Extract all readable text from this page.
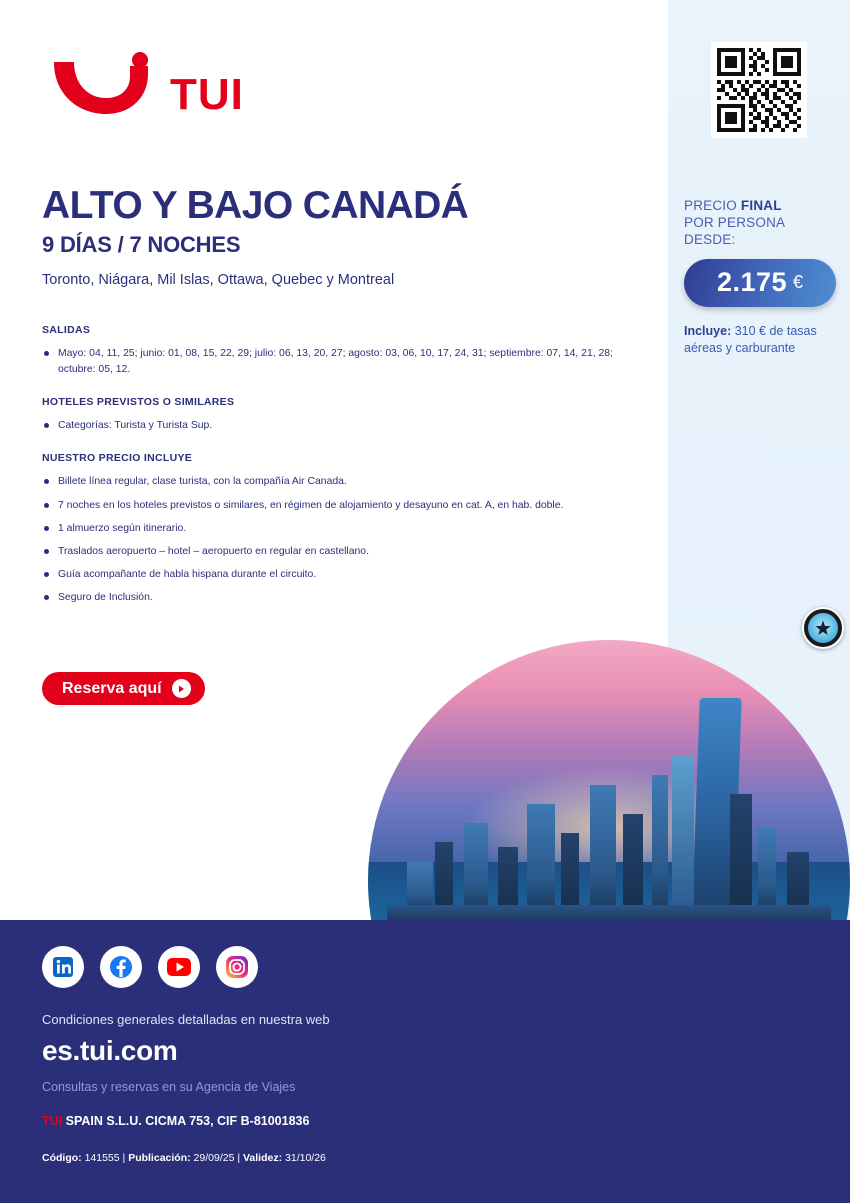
PRECIO FINAL
POR PERSONA DESDE:
2.175 €
Incluye: 310 € de tasas aéreas y carburante
TUI
ALTO Y BAJO CANADÁ
9 DÍAS / 7 NOCHES
Toronto, Niágara, Mil Islas, Ottawa, Quebec y Montreal
SALIDAS
Mayo: 04, 11, 25; junio: 01, 08, 15, 22, 29; julio: 06, 13, 20, 27; agosto: 03, 06, 10, 17, 24, 31; septiembre: 07, 14, 21, 28; octubre: 05, 12.
HOTELES PREVISTOS O SIMILARES
Categorías: Turista y Turista Sup.
NUESTRO PRECIO INCLUYE
Billete línea regular, clase turista, con la compañía Air Canada.
7 noches en los hoteles previstos o similares, en régimen de alojamiento y desayuno en cat. A, en hab. doble.
1 almuerzo según itinerario.
Traslados aeropuerto – hotel – aeropuerto en regular en castellano.
Guía acompañante de habla hispana durante el circuito.
Seguro de Inclusión.
Reserva aquí
Condiciones generales detalladas en nuestra web
es.tui.com
Consultas y reservas en su Agencia de Viajes
TUI SPAIN S.L.U. CICMA 753, CIF B-81001836
Código: 141555 | Publicación: 29/09/25 | Validez: 31/10/26
